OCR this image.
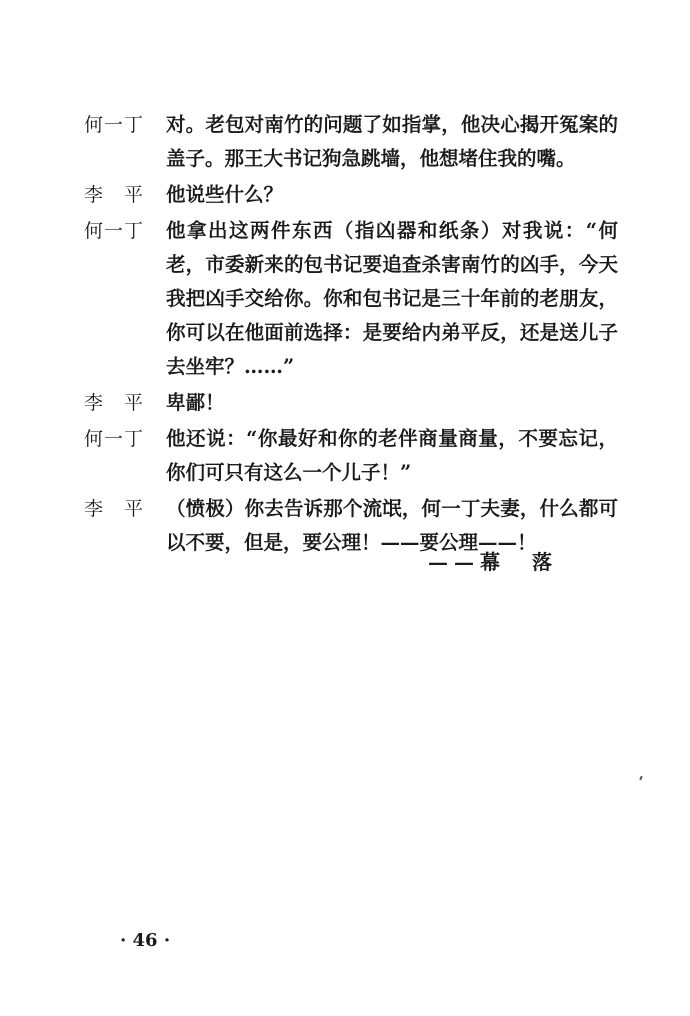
何一丁	对。老包对南竹的问题了如指掌，他决心揭开冤案的盖子。那王大书记狗急跳墙，他想堵住我的嘴。
李　平	他说些什么？
何一丁	他拿出这两件东西（指凶器和纸条）对我说：“何老，市委新来的包书记要追查杀害南竹的凶手，今天我把凶手交给你。你和包书记是三十年前的老朋友，你可以在他面前选择：是要给内弟平反，还是送儿子去坐牢？……”
李　平	卑鄙！
何一丁	他还说：“你最好和你的老伴商量商量，不要忘记，你们可只有这么一个儿子！”
李　平	（愤极）你去告诉那个流氓，何一丁夫妻，什么都可以不要，但是，要公理！——要公理——！
——幕　落
· 46 ·
